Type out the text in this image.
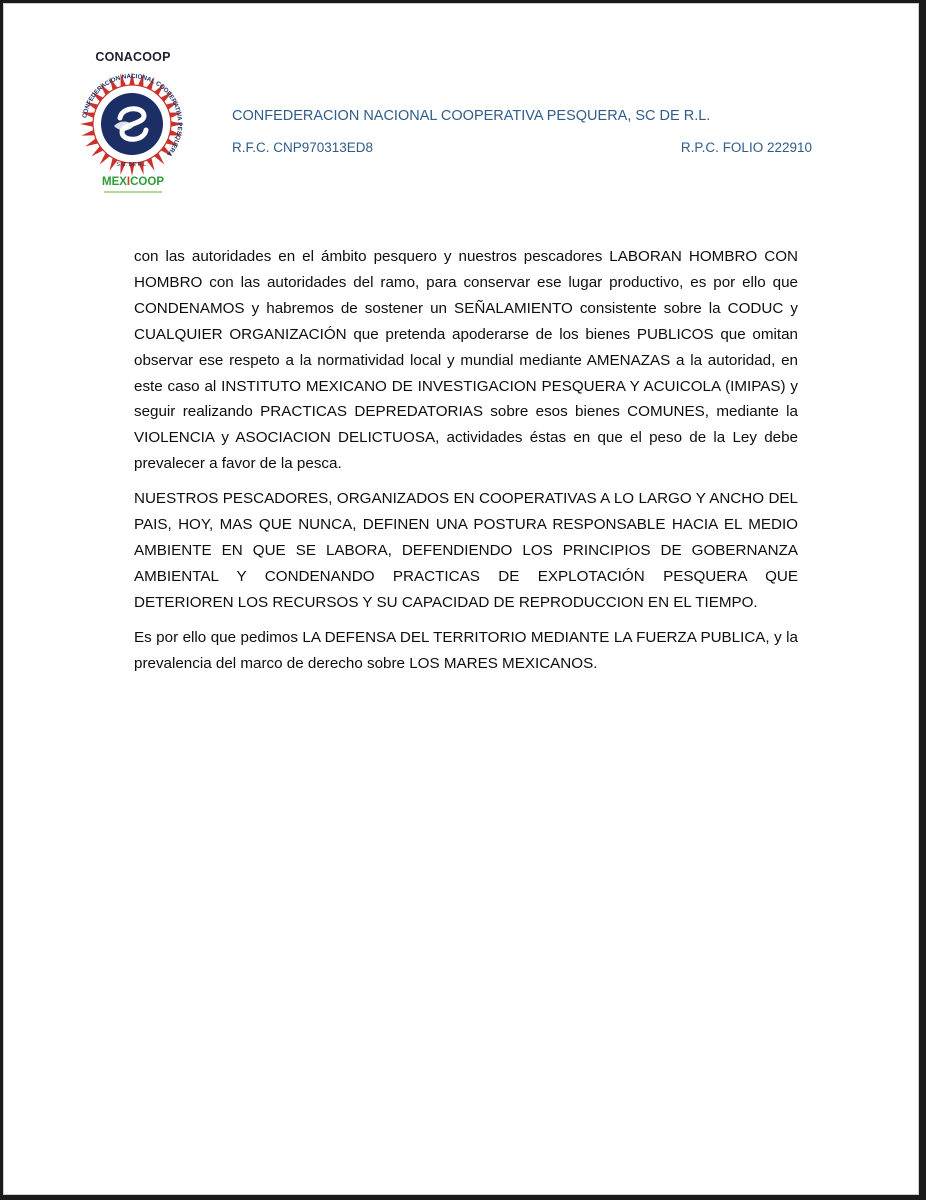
CONACOOP
CONFEDERACION NACIONAL COOPERATIVA PESQUERA
S.C. DE R.L.
MEXICOOP
CONFEDERACION NACIONAL COOPERATIVA PESQUERA, SC DE R.L.
R.F.C. CNP970313ED8	R.P.C. FOLIO 222910

con las autoridades en el ámbito pesquero y nuestros pescadores LABORAN HOMBRO CON HOMBRO con las autoridades del ramo, para conservar ese lugar productivo, es por ello que CONDENAMOS y habremos de sostener un SEÑALAMIENTO consistente sobre la CODUC y CUALQUIER ORGANIZACIÓN que pretenda apoderarse de los bienes PUBLICOS que omitan observar ese respeto a la normatividad local y mundial mediante AMENAZAS a la autoridad, en este caso al INSTITUTO MEXICANO DE INVESTIGACION PESQUERA Y ACUICOLA (IMIPAS) y seguir realizando PRACTICAS DEPREDATORIAS sobre esos bienes COMUNES, mediante la VIOLENCIA y ASOCIACION DELICTUOSA, actividades éstas en que el peso de la Ley debe prevalecer a favor de la pesca.

NUESTROS PESCADORES, ORGANIZADOS EN COOPERATIVAS A LO LARGO Y ANCHO DEL PAIS, HOY, MAS QUE NUNCA, DEFINEN UNA POSTURA RESPONSABLE HACIA EL MEDIO AMBIENTE EN QUE SE LABORA, DEFENDIENDO LOS PRINCIPIOS DE GOBERNANZA AMBIENTAL Y CONDENANDO PRACTICAS DE EXPLOTACIÓN PESQUERA QUE DETERIOREN LOS RECURSOS Y SU CAPACIDAD DE REPRODUCCION EN EL TIEMPO.

Es por ello que pedimos LA DEFENSA DEL TERRITORIO MEDIANTE LA FUERZA PUBLICA, y la prevalencia del marco de derecho sobre LOS MARES MEXICANOS.
